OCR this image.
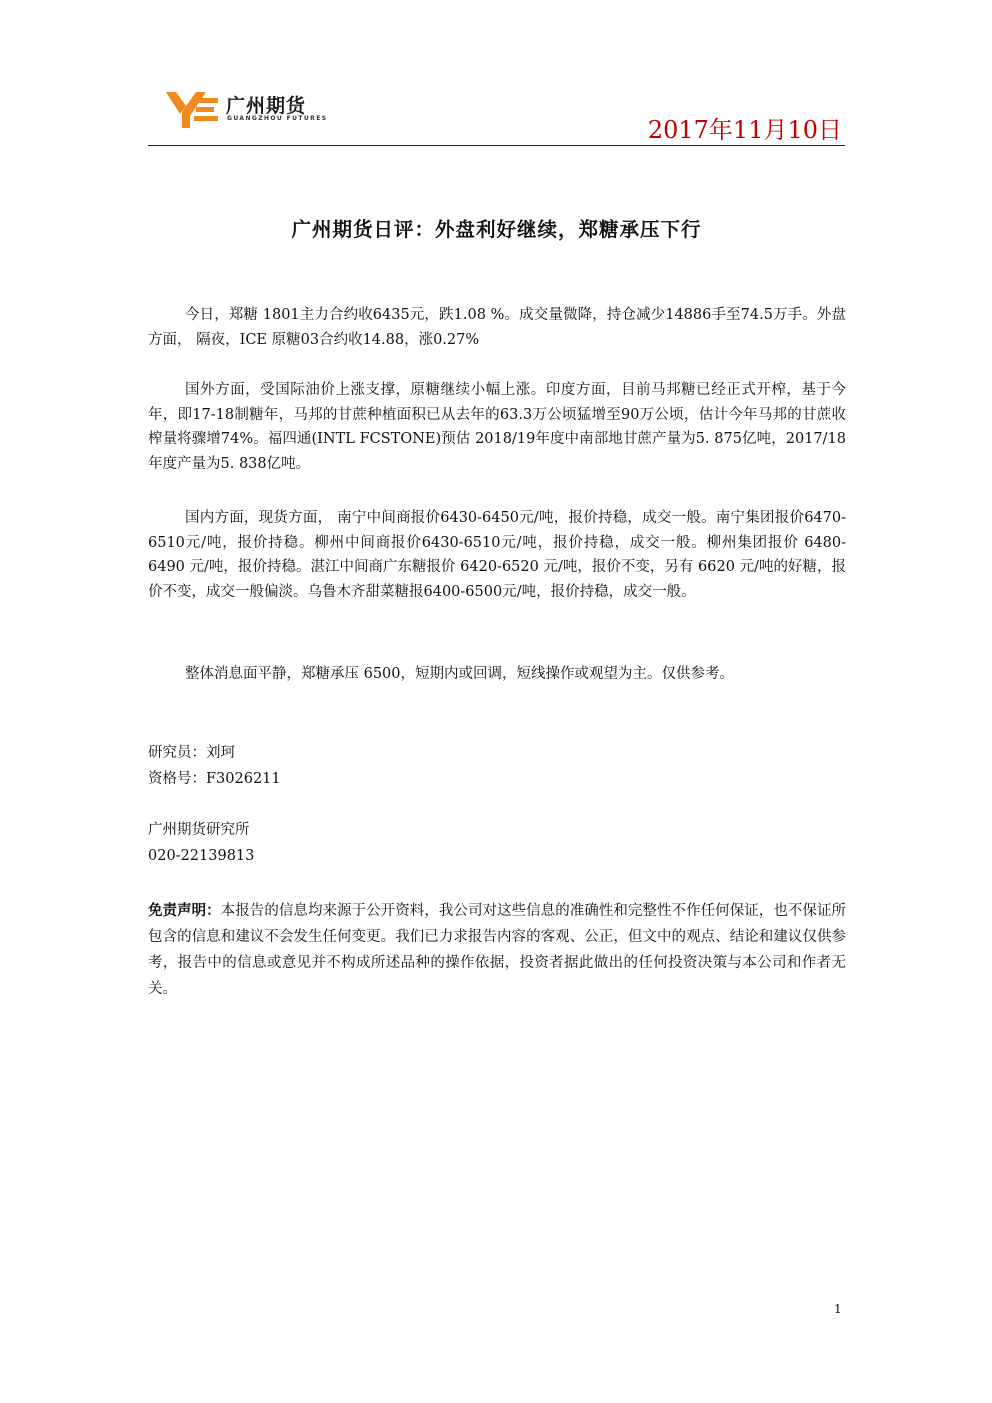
广州期货
GUANGZHOU FUTURES	2017年11月10日
广州期货日评：外盘利好继续，郑糖承压下行

今日，郑糖 1801主力合约收6435元，跌1.08 %。成交量微降，持仓减少14886手至74.5万手。外盘方面， 隔夜，ICE 原糖03合约收14.88，涨0.27%

国外方面，受国际油价上涨支撑，原糖继续小幅上涨。印度方面，目前马邦糖已经正式开榨，基于今年，即17-18制糖年，马邦的甘蔗种植面积已从去年的63.3万公顷猛增至90万公顷，估计今年马邦的甘蔗收榨量将骤增74%。福四通(INTL FCSTONE)预估 2018/19年度中南部地甘蔗产量为5. 875亿吨，2017/18年度产量为5. 838亿吨。

国内方面，现货方面， 南宁中间商报价6430-6450元/吨，报价持稳，成交一般。南宁集团报价6470-6510元/吨，报价持稳。柳州中间商报价6430-6510元/吨，报价持稳，成交一般。柳州集团报价 6480-6490 元/吨，报价持稳。湛江中间商广东糖报价 6420-6520 元/吨，报价不变，另有 6620 元/吨的好糖，报价不变，成交一般偏淡。乌鲁木齐甜菜糖报6400-6500元/吨，报价持稳，成交一般。

整体消息面平静，郑糖承压 6500，短期内或回调，短线操作或观望为主。仅供参考。

研究员：刘珂
资格号：F3026211
广州期货研究所
020-22139813
免责声明：本报告的信息均来源于公开资料，我公司对这些信息的准确性和完整性不作任何保证，也不保证所包含的信息和建议不会发生任何变更。我们已力求报告内容的客观、公正，但文中的观点、结论和建议仅供参考，报告中的信息或意见并不构成所述品种的操作依据，投资者据此做出的任何投资决策与本公司和作者无关。
1
